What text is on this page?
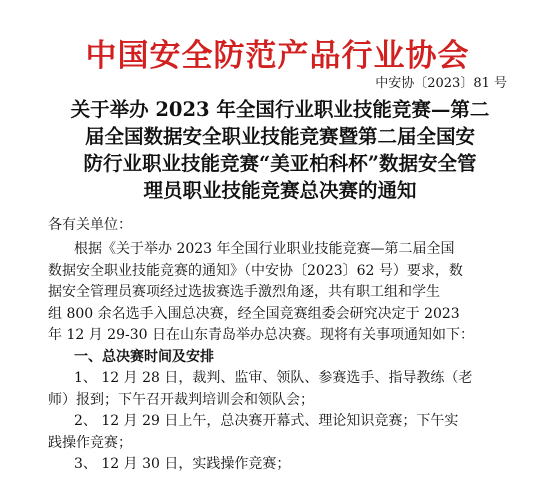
中国安全防范产品行业协会
中安协〔2023〕81 号
关于举办 2023 年全国行业职业技能竞赛—第二
届全国数据安全职业技能竞赛暨第二届全国安
防行业职业技能竞赛“美亚柏科杯”数据安全管
理员职业技能竞赛总决赛的通知
各有关单位：
根据《关于举办 2023 年全国行业职业技能竞赛—第二届全国
数据安全职业技能竞赛的通知》（中安协〔2023〕62 号）要求，数
据安全管理员赛项经过选拔赛选手激烈角逐，共有职工组和学生
组 800 余名选手入围总决赛，经全国竞赛组委会研究决定于 2023
年 12 月 29-30 日在山东青岛举办总决赛。现将有关事项通知如下：
一、总决赛时间及安排
1、 12 月 28 日，裁判、监审、领队、参赛选手、指导教练（老
师）报到；下午召开裁判培训会和领队会；
2、 12 月 29 日上午，总决赛开幕式、理论知识竞赛；下午实
践操作竞赛；
3、 12 月 30 日，实践操作竞赛；
